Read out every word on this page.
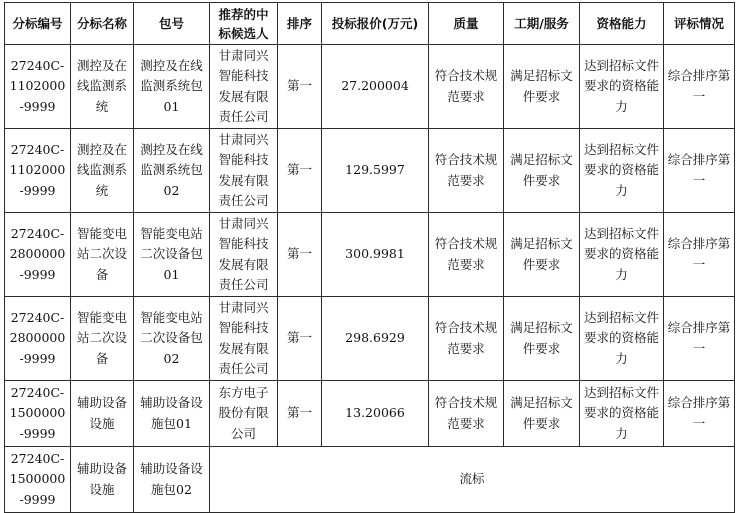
分标编号	分标名称	包号	推荐的中标候选人	排序	投标报价(万元)	质量	工期/服务	资格能力	评标情况
27240C-1102000-9999	测控及在线监测系统	测控及在线监测系统包01	甘肃同兴智能科技发展有限责任公司	第一	27.200004	符合技术规范要求	满足招标文件要求	达到招标文件要求的资格能力	综合排序第一
27240C-1102000-9999	测控及在线监测系统	测控及在线监测系统包02	甘肃同兴智能科技发展有限责任公司	第一	129.5997	符合技术规范要求	满足招标文件要求	达到招标文件要求的资格能力	综合排序第一
27240C-2800000-9999	智能变电站二次设备	智能变电站二次设备包01	甘肃同兴智能科技发展有限责任公司	第一	300.9981	符合技术规范要求	满足招标文件要求	达到招标文件要求的资格能力	综合排序第一
27240C-2800000-9999	智能变电站二次设备	智能变电站二次设备包02	甘肃同兴智能科技发展有限责任公司	第一	298.6929	符合技术规范要求	满足招标文件要求	达到招标文件要求的资格能力	综合排序第一
27240C-1500000-9999	辅助设备设施	辅助设备设施包01	东方电子股份有限公司	第一	13.20066	符合技术规范要求	满足招标文件要求	达到招标文件要求的资格能力	综合排序第一
27240C-1500000-9999	辅助设备设施	辅助设备设施包02	流标						
